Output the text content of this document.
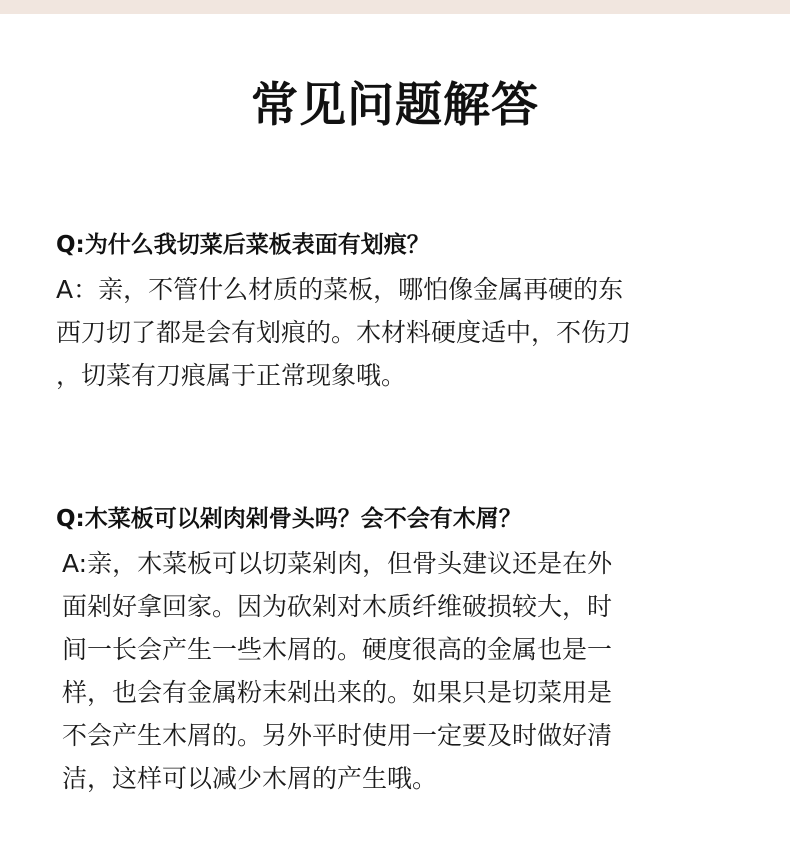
常见问题解答
Q:为什么我切菜后菜板表面有划痕？

A：亲，不管什么材质的菜板，哪怕像金属再硬的东
西刀切了都是会有划痕的。木材料硬度适中，不伤刀
，切菜有刀痕属于正常现象哦。

Q:木菜板可以剁肉剁骨头吗？会不会有木屑？

A:亲，木菜板可以切菜剁肉，但骨头建议还是在外
面剁好拿回家。因为砍剁对木质纤维破损较大，时
间一长会产生一些木屑的。硬度很高的金属也是一
样，也会有金属粉末剁出来的。如果只是切菜用是
不会产生木屑的。另外平时使用一定要及时做好清
洁，这样可以减少木屑的产生哦。
